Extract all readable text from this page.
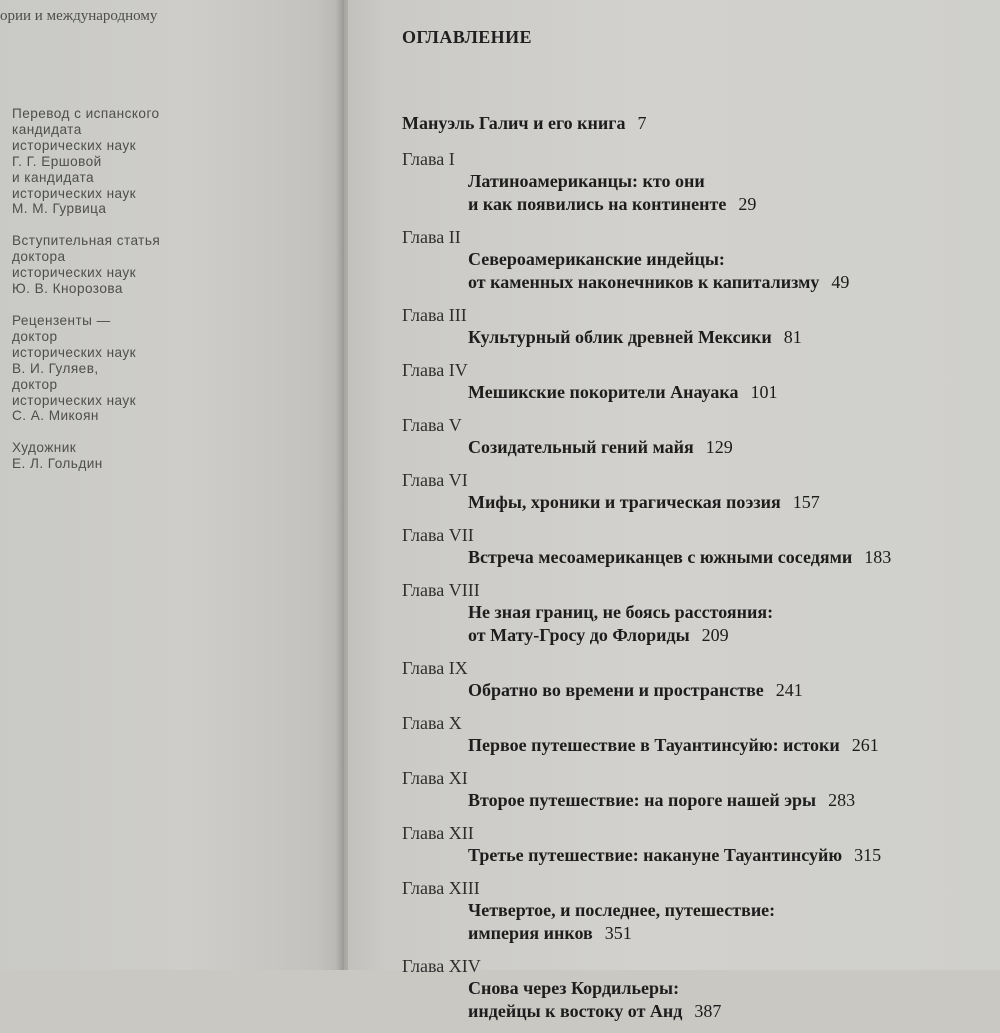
ории и международному
Перевод с испанского
кандидата
исторических наук
Г. Г. Ершовой
и кандидата
исторических наук
М. М. Гурвица
Вступительная статья
доктора
исторических наук
Ю. В. Кнорозова
Рецензенты —
доктор
исторических наук
В. И. Гуляев,
доктор
исторических наук
С. А. Микоян
Художник
Е. Л. Гольдин
ОГЛАВЛЕНИЕ
Мануэль Галич и его книга 7
Глава I
Латиноамериканцы: кто они
и как появились на континенте 29
Глава II
Североамериканские индейцы:
от каменных наконечников к капитализму 49
Глава III
Культурный облик древней Мексики 81
Глава IV
Мешикские покорители Анауака 101
Глава V
Созидательный гений майя 129
Глава VI
Мифы, хроники и трагическая поэзия 157
Глава VII
Встреча месоамериканцев с южными соседями 183
Глава VIII
Не зная границ, не боясь расстояния:
от Мату-Гросу до Флориды 209
Глава IX
Обратно во времени и пространстве 241
Глава X
Первое путешествие в Тауантинсуйю: истоки 261
Глава XI
Второе путешествие: на пороге нашей эры 283
Глава XII
Третье путешествие: накануне Тауантинсуйю 315
Глава XIII
Четвертое, и последнее, путешествие:
империя инков 351
Глава XIV
Снова через Кордильеры:
индейцы к востоку от Анд 387
